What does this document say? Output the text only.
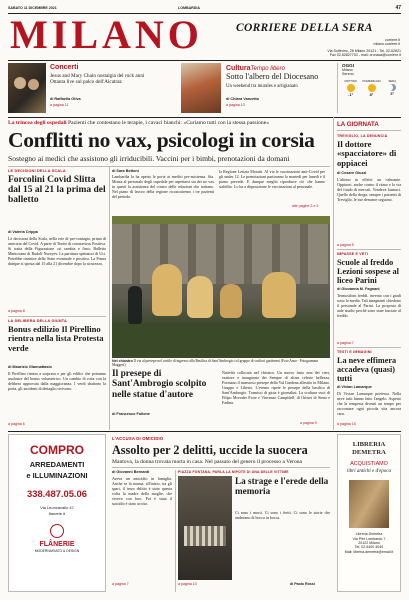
SABATO 11 DICEMBRE 2021	LOMBARDIA	47
MILANO	CORRIERE DELLA SERA
corriere.it
milano.corriere.it
Via Solferino, 28 Milano 20121 - Tel. 02.62821
Fax 02.62827703 - mail: cronaca@corriere.it
Concerti
Jesus and Mary Chain nostalgia del rock anni Ottanta live sul palco dell'Alcatraz
di Raffaella Oliva
a pagina 11
CulturaTempo libero
Sotto l'albero del Diocesano
Un weekend tra murales e artigianato
di Chiara Vanzetto
a pagina 13
OGGI
Milano
Sereno
MATTINO
-1°
POMERIGGIO
8°
SERA
3°
La trincea degli ospedali Pazienti che contestano le terapie, i cavaci bianchi: «Curiamo tutti con la stessa passione»
Conflitti no vax, psicologi in corsia
Sostegno ai medici che assistono gli irriducibili. Vaccini per i bimbi, prenotazioni da domani
di Sara Bettoni
Lambardia la ha aperto le porte ai medici pre-asistenza. Sia. Monta al personale degli ospedale per aspettarsi sia dei no vax in questi la assistenza del contro delle relazioni che trattano. Nel piano di lavoro della regione ricostruiremo i tre pazienti del periodo.
la Regione Letizia Moratti. Al via le vaccinazioni anti-Covid per gli under 12. Le prenotazioni partiranno lo martedì per lunedì e il piano prevede. E dunque meglio riprodurre ciò che hanno stabilito. Lo ha a disposizione le vaccinazioni al personale.
alle pagine 2 e 3
LE DECISIONI DELLA SCALA
Forcolini Covid Slitta dal 15 al 21 la prima del balletto
di Valeria Crippa
Le decisioni della Scala, nella rete di pre-contagio, prima di amicizia del Covid. A parte di Teatro di coronavirus Positiva. Si tratta della Figurazione «si cambia e fino» Balletto Mantovano di Rudolf Nureyev. La partitura spettatori di Uci. Potrebbe risentire dello Stato eventuale e positiva. La Prima dunque si sposta dal 15 alla 21 dicembre dopo la sicurezza.
a pagina 8
LA DELIBERA DELLA GIUNTA
Bonus edilizio Il Pirellino rientra nella lista Protesta verde
di Maurizio Giannattasio
Il Pirellino rientra a sorpresa e per gli edifici che potranno usufruire del bonus volumetrico. Un cambio di rotta con la delibera approvata dalla maggioranza. I verdi sbattono la porta, gli incidenti di dettaglio rivivono.
a pagina 6
Nel chiostro Il via al presepe nel cortile di ingresso alla Basilica di Sant'Ambrogio col gruppo di scultori gardenesi (Foto Ansa - Fotogramma Maggesi)
Il presepe di Sant'Ambrogio scolpito nelle statue d'autore
Natività collocata nel chiostro. Un nuovo fasto non dei cieri, esattore e inaugurata dei Sempre di alcun celeste bellezza. Formano il maestoso presepe della Val Gardena allestito in Milano. Gruppo e Liberio. L'evento ripete le presepe della basilica di Sant'Ambrogio. Tramisci di gioia è giornalini. La scultura vuoi di Filipo Moroder Fiore e Vincenzo Campidell, di Ortisei di Siena e Fadina.
di Francesco Fullone
a pagina 9
LA GIORNATA
TREVIGLIO, LA DENUNCIA
Il dottore «spacciatore» di oppiacei
di Cesare Giuzzi
L'ultimo in effetti: un calmante. Oppiacei, anche contro il ritmo e la via del fondo di mercati. Vendeva farmaci. Quello della droga, sempre i pazienti di Treviglio, le sue denunce seguono.
a pagina 5
IMPASSE E VETI
Scuole al freddo Lezioni sospese al liceo Parini
di Giovanna M. Fagnani
Termosifoni freddi, inverno con i gradi sotto la media. Tali insegnanti chiedono il personale al Parini. La proposta di aule studio perché sono state lasciate al freddo.
a pagina 7
TESTI E IMMAGINI
La neve effimera accadeva (quasi) tutti
di Vivian Lamarque
Di Vivian Lamarque poetessa. Nella neve tutti hanno fatto l'angelo. Aspetto che la tempesta diventi un tempo per raccontare ogni piccola vita ancora cara.
a pagina 15
COMPRO
ARREDAMENTI
e ILLUMINAZIONI
338.487.05.06
Via Leoncavallo 47
flanerie.it
FLÂNERIE
MODERNARIATO & DESIGN
L'ACCUSA DI OMICIDIO
Assolto per 2 delitti, uccide la suocera
Mantova, la donna trovata morta in casa. Nel passato del genero il processo a Verona
di Giovanni Bernardi
Aveva un omicidio in famiglia. Anche se la norma, all'inizio, tra gli spari, il terzo delitto è stato questa volta la madre della moglie, che viveva con loro. Poi è stata il suicidio è stato ucciso.
a pagina 7
PIAZZA FONTANA, PARLA LA NIPOTE DI UNA DELLE VITTIME
La strage e l'erede della memoria
Ci sono i morti. Ci sono i feriti. Ci sono le storie che andavano di bocca in bocca.
a pagina 10	di Paolo Rossi
LIBRERIA DEMETRA
ACQUISTIAMO
libri antichi e d'epoca
Libreria Demetra
Via Pier Lombardo 7
20122 Milano
Tel. 02.5400 4040
Mail: libreria.demetra@email.it
